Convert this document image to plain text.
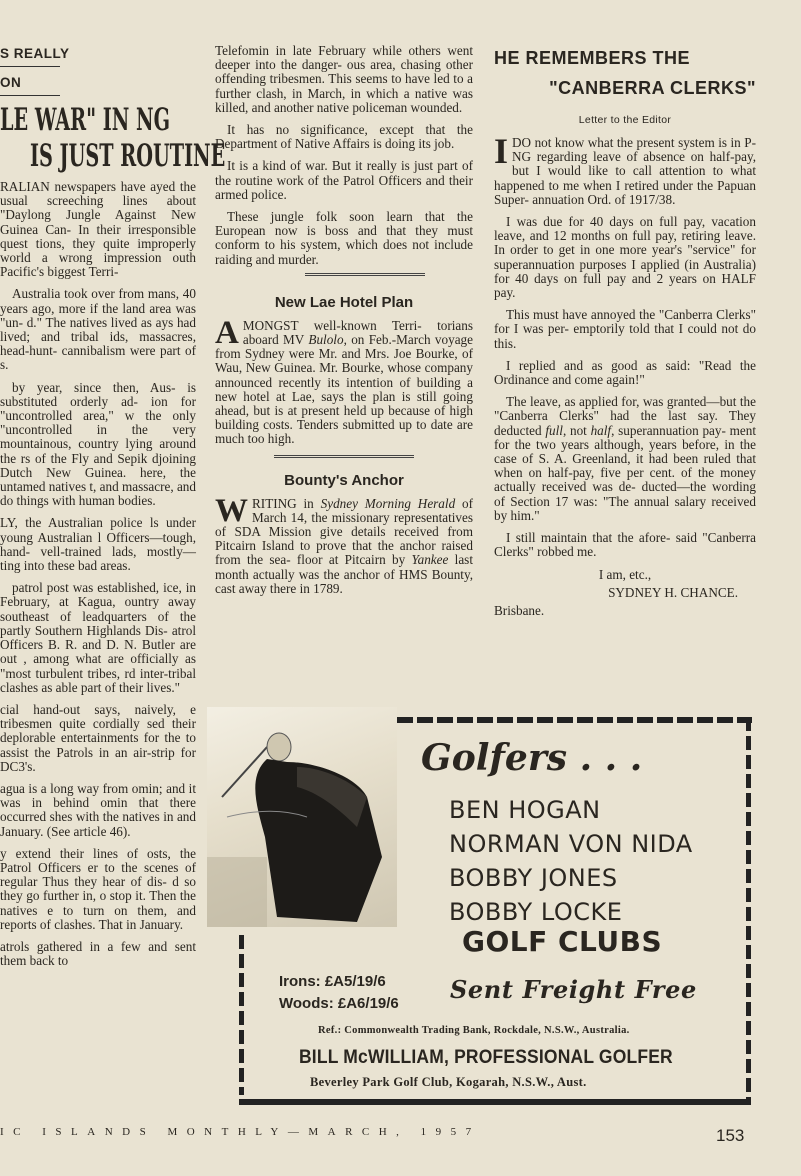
S REALLY
ON
LE WAR" IN NG
IS JUST ROUTINE

RALIAN newspapers have ayed the usual screeching lines about "Daylong Jungle Against New Guinea Can- In their irresponsible quest tions, they quite improperly world a wrong impression outh Pacific's biggest Terri-

Australia took over from mans, 40 years ago, more if the land area was "un- d." The natives lived as ays had lived; and tribal ids, massacres, head-hunt- cannibalism were part of s.

by year, since then, Aus- is substituted orderly ad- ion for "uncontrolled area," w the only "uncontrolled in the very mountainous, country lying around the rs of the Fly and Sepik djoining Dutch New Guinea. here, the untamed natives t, and massacre, and do things with human bodies.

LY, the Australian police ls under young Australian l Officers—tough, hand- vell-trained lads, mostly— ting into these bad areas.

patrol post was established, ice, in February, at Kagua, ountry away southeast of leadquarters of the partly Southern Highlands Dis- atrol Officers B. R. and D. N. Butler are out , among what are officially as "most turbulent tribes, rd inter-tribal clashes as able part of their lives."

cial hand-out says, naively, e tribesmen quite cordially sed their deplorable entertainments for the to assist the Patrols in an air-strip for DC3's.

agua is a long way from omin; and it was in behind omin that there occurred shes with the natives in and January. (See article 46).

y extend their lines of osts, the Patrol Officers er to the scenes of regular Thus they hear of dis- d so they go further in, o stop it. Then the natives e to turn on them, and reports of clashes. That in January.

atrols gathered in a few and sent them back to

Telefomin in late February while others went deeper into the danger- ous area, chasing other offending tribesmen. This seems to have led to a further clash, in March, in which a native was killed, and another native policeman wounded.

It has no significance, except that the Department of Native Affairs is doing its job.

It is a kind of war. But it really is just part of the routine work of the Patrol Officers and their armed police.

These jungle folk soon learn that the European now is boss and that they must conform to his system, which does not include raiding and murder.

New Lae Hotel Plan

AMONGST well-known Terri- torians aboard MV Bulolo, on Feb.-March voyage from Sydney were Mr. and Mrs. Joe Bourke, of Wau, New Guinea. Mr. Bourke, whose company announced recently its intention of building a new hotel at Lae, says the plan is still going ahead, but is at present held up because of high building costs. Tenders submitted up to date are much too high.

Bounty's Anchor

WRITING in Sydney Morning Herald of March 14, the missionary representatives of SDA Mission give details received from Pitcairn Island to prove that the anchor raised from the sea- floor at Pitcairn by Yankee last month actually was the anchor of HMS Bounty, cast away there in 1789.

HE REMEMBERS THE
"CANBERRA CLERKS"
Letter to the Editor

IDO not know what the present system is in P-NG regarding leave of absence on half-pay, but I would like to call attention to what happened to me when I retired under the Papuan Super- annuation Ord. of 1917/38.

I was due for 40 days on full pay, vacation leave, and 12 months on full pay, retiring leave. In order to get in one more year's "service" for superannuation purposes I applied (in Australia) for 40 days on full pay and 2 years on HALF pay.

This must have annoyed the "Canberra Clerks" for I was per- emptorily told that I could not do this.

I replied and as good as said: "Read the Ordinance and come again!"

The leave, as applied for, was granted—but the "Canberra Clerks" had the last say. They deducted full, not half, superannuation pay- ment for the two years although, years before, in the case of S. A. Greenland, it had been ruled that when on half-pay, five per cent. of the money actually received was de- ducted—the wording of Section 17 was: "The annual salary received by him."

I still maintain that the afore- said "Canberra Clerks" robbed me.

I am, etc.,
SYDNEY H. CHANCE.
Brisbane.
Golfers . . .
BEN HOGAN
NORMAN VON NIDA
BOBBY JONES
BOBBY LOCKE
GOLF CLUBS
Irons: £A5/19/6
Woods: £A6/19/6 Sent Freight Free
Ref.: Commonwealth Trading Bank, Rockdale, N.S.W., Australia.
BILL McWILLIAM, PROFESSIONAL GOLFER
Beverley Park Golf Club, Kogarah, N.S.W., Aust.
IC ISLANDS MONTHLY—MARCH, 1957	153
